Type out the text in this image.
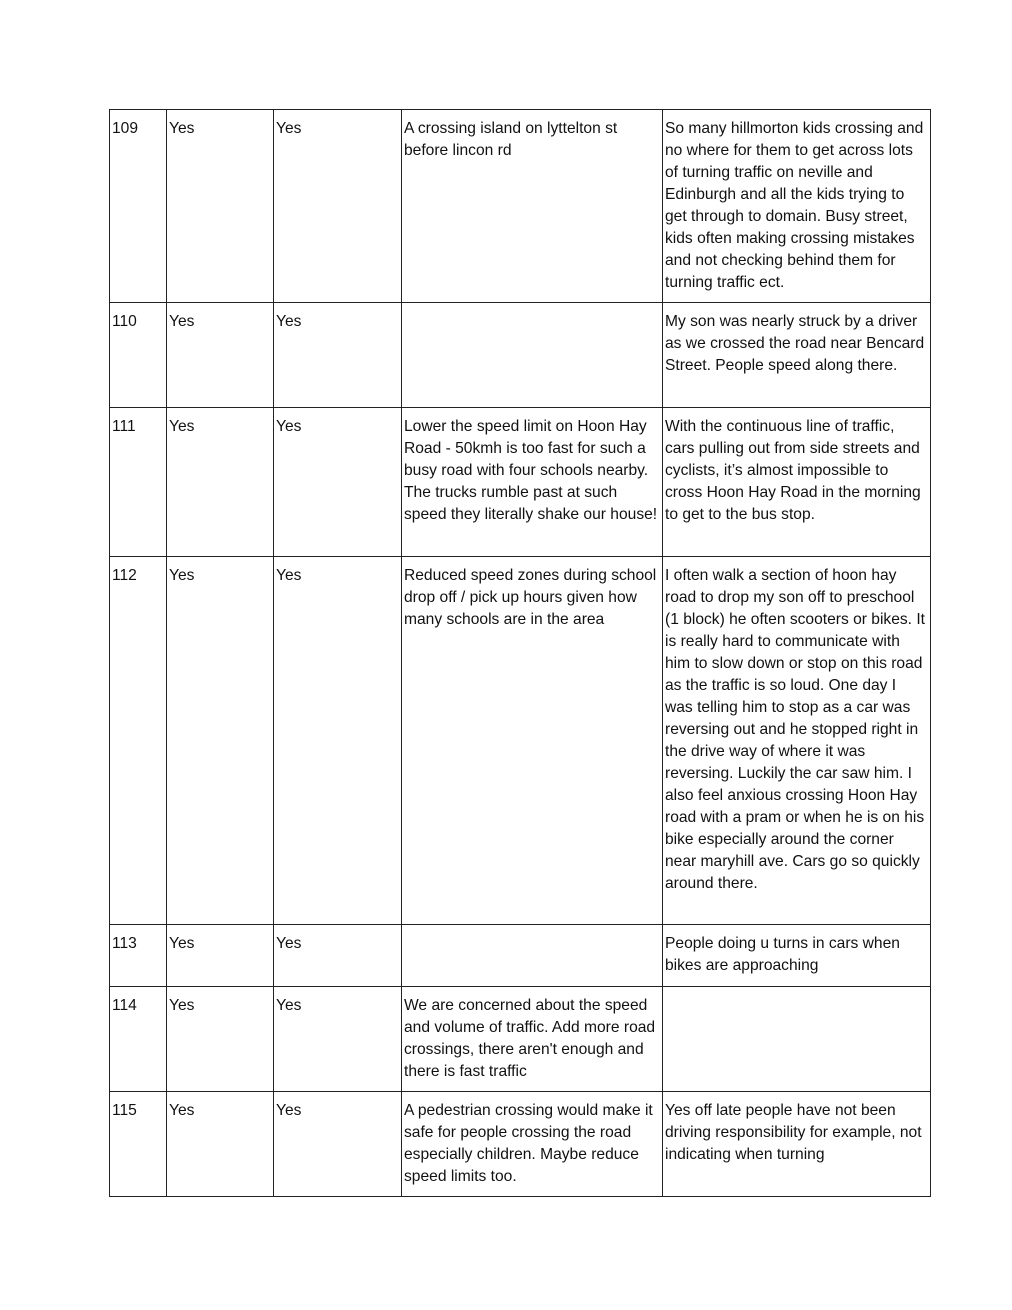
109	Yes	Yes	A crossing island on lyttelton st before lincon rd	So many hillmorton kids crossing and no where for them to get across lots of turning traffic on neville and Edinburgh and all the kids trying to get through to domain. Busy street, kids often making crossing mistakes and not checking behind them for turning traffic ect.
110	Yes	Yes		My son was nearly struck by a driver as we crossed the road near Bencard Street. People speed along there.
111	Yes	Yes	Lower the speed limit on Hoon Hay Road - 50kmh is too fast for such a busy road with four schools nearby. The trucks rumble past at such speed they literally shake our house!	With the continuous line of traffic, cars pulling out from side streets and cyclists, it’s almost impossible to cross Hoon Hay Road in the morning to get to the bus stop.
112	Yes	Yes	Reduced speed zones during school drop off / pick up hours given how many schools are in the area	I often walk a section of hoon hay road to drop my son off to preschool (1 block) he often scooters or bikes. It is really hard to communicate with him to slow down or stop on this road as the traffic is so loud. One day I was telling him to stop as a car was reversing out and he stopped right in the drive way of where it was reversing. Luckily the car saw him. I also feel anxious crossing Hoon Hay road with a pram or when he is on his bike especially around the corner near maryhill ave. Cars go so quickly around there.
113	Yes	Yes		People doing u turns in cars when bikes are approaching
114	Yes	Yes	We are concerned about the speed and volume of traffic. Add more road crossings, there aren't enough and there is fast traffic	
115	Yes	Yes	A pedestrian crossing would make it safe for people crossing the road especially children. Maybe reduce speed limits too.	Yes off late people have not been driving responsibility for example, not indicating when turning
